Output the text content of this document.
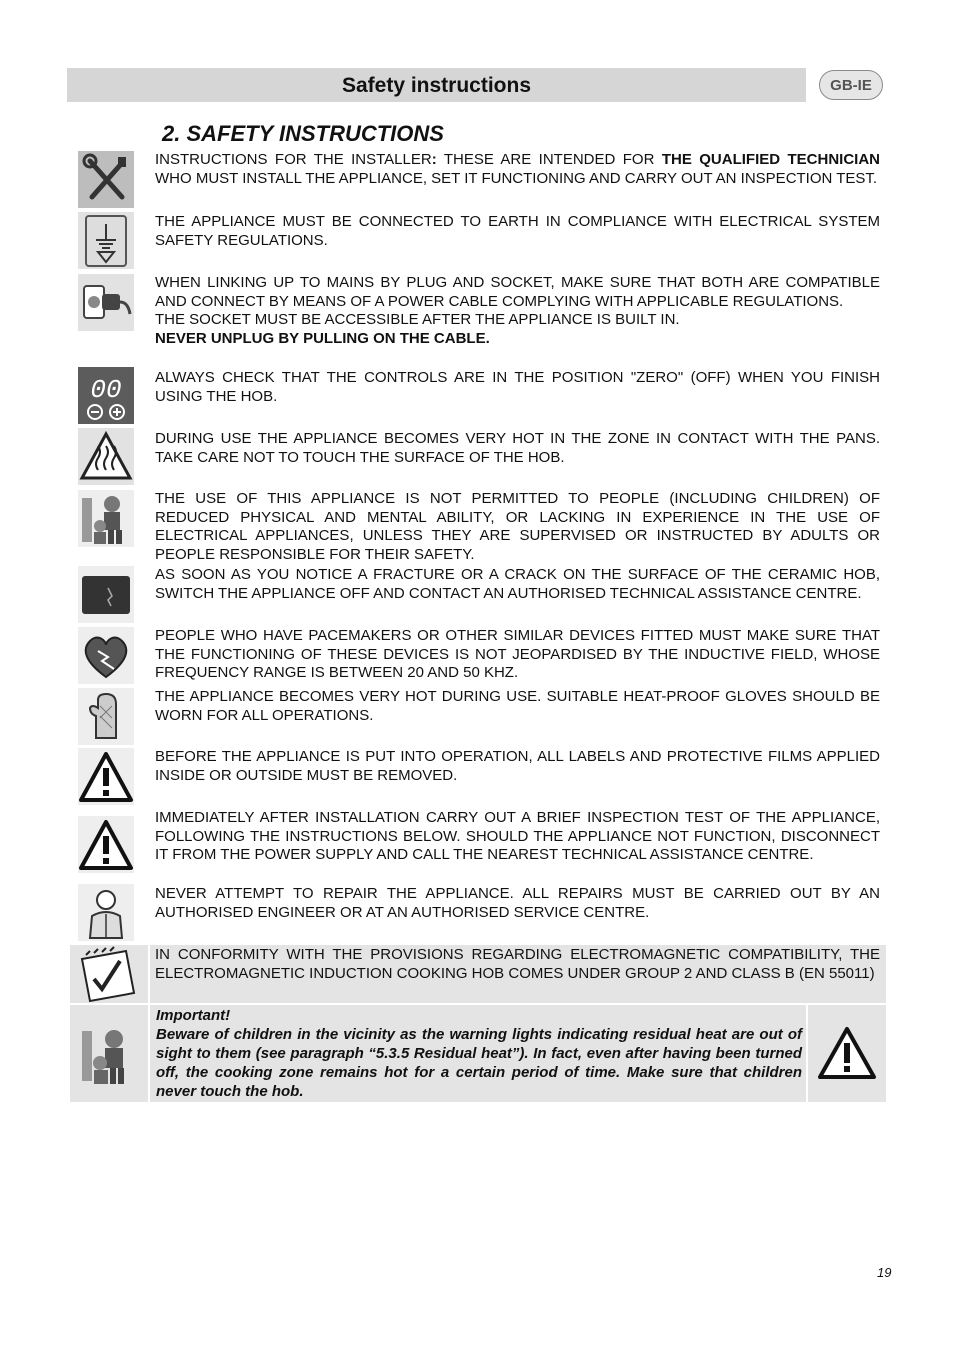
Safety instructions	GB-IE
2. SAFETY INSTRUCTIONS
00
INSTRUCTIONS FOR THE INSTALLER: THESE ARE INTENDED FOR THE QUALIFIED TECHNICIAN WHO MUST INSTALL THE APPLIANCE, SET IT FUNCTIONING AND CARRY OUT AN INSPECTION TEST.
THE APPLIANCE MUST BE CONNECTED TO EARTH IN COMPLIANCE WITH ELECTRICAL SYSTEM SAFETY REGULATIONS.

WHEN LINKING UP TO MAINS BY PLUG AND SOCKET, MAKE SURE THAT BOTH ARE COMPATIBLE AND CONNECT BY MEANS OF A POWER CABLE COMPLYING WITH APPLICABLE REGULATIONS.

THE SOCKET MUST BE ACCESSIBLE AFTER THE APPLIANCE IS BUILT IN.

NEVER UNPLUG BY PULLING ON THE CABLE.

ALWAYS CHECK THAT THE CONTROLS ARE IN THE POSITION "ZERO" (OFF) WHEN YOU FINISH USING THE HOB.
DURING USE THE APPLIANCE BECOMES VERY HOT IN THE ZONE IN CONTACT WITH THE PANS. TAKE CARE NOT TO TOUCH THE SURFACE OF THE HOB.
THE USE OF THIS APPLIANCE IS NOT PERMITTED TO PEOPLE (INCLUDING CHILDREN) OF REDUCED PHYSICAL AND MENTAL ABILITY, OR LACKING IN EXPERIENCE IN THE USE OF ELECTRICAL APPLIANCES, UNLESS THEY ARE SUPERVISED OR INSTRUCTED BY ADULTS OR PEOPLE RESPONSIBLE FOR THEIR SAFETY.
AS SOON AS YOU NOTICE A FRACTURE OR A CRACK ON THE SURFACE OF THE CERAMIC HOB, SWITCH THE APPLIANCE OFF AND CONTACT AN AUTHORISED TECHNICAL ASSISTANCE CENTRE.
PEOPLE WHO HAVE PACEMAKERS OR OTHER SIMILAR DEVICES FITTED MUST MAKE SURE THAT THE FUNCTIONING OF THESE DEVICES IS NOT JEOPARDISED BY THE INDUCTIVE FIELD, WHOSE FREQUENCY RANGE IS BETWEEN 20 AND 50 KHZ.
THE APPLIANCE BECOMES VERY HOT DURING USE. SUITABLE HEAT-PROOF GLOVES SHOULD BE WORN FOR ALL OPERATIONS.
BEFORE THE APPLIANCE IS PUT INTO OPERATION, ALL LABELS AND PROTECTIVE FILMS APPLIED INSIDE OR OUTSIDE MUST BE REMOVED.
IMMEDIATELY AFTER INSTALLATION CARRY OUT A BRIEF INSPECTION TEST OF THE APPLIANCE, FOLLOWING THE INSTRUCTIONS BELOW. SHOULD THE APPLIANCE NOT FUNCTION, DISCONNECT IT FROM THE POWER SUPPLY AND CALL THE NEAREST TECHNICAL ASSISTANCE CENTRE.
NEVER ATTEMPT TO REPAIR THE APPLIANCE. ALL REPAIRS MUST BE CARRIED OUT BY AN AUTHORISED ENGINEER OR AT AN AUTHORISED SERVICE CENTRE.
IN CONFORMITY WITH THE PROVISIONS REGARDING ELECTROMAGNETIC COMPATIBILITY, THE ELECTROMAGNETIC INDUCTION COOKING HOB COMES UNDER GROUP 2 AND CLASS B (EN 55011)

Important!

Beware of children in the vicinity as the warning lights indicating residual heat are out of sight to them (see paragraph “5.3.5 Residual heat”). In fact, even after having been turned off, the cooking zone remains hot for a certain period of time. Make sure that children never touch the hob.

19
